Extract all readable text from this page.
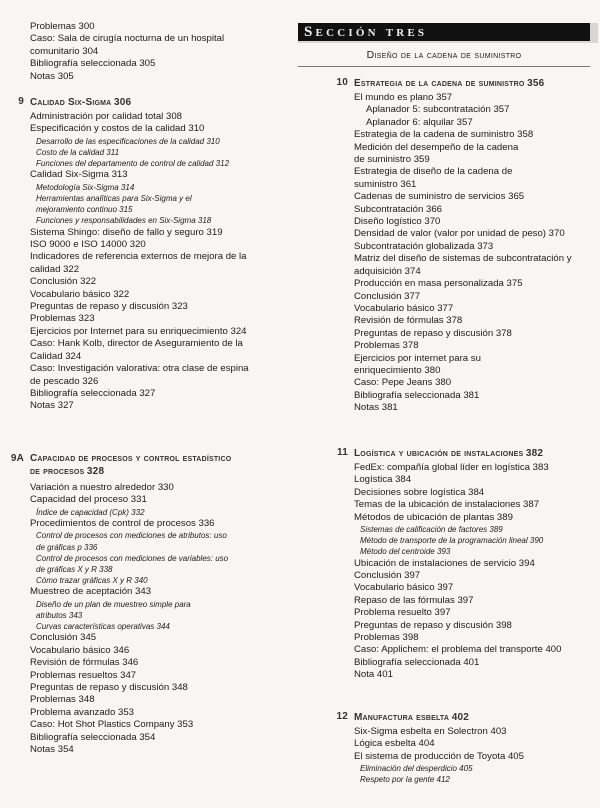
Problemas 300
Caso: Sala de cirugía nocturna de un hospital
comunitario 304
Bibliografía seleccionada 305
Notas 305
9 Calidad Six-Sigma 306
Administración por calidad total 308
Especificación y costos de la calidad 310
Desarrollo de las especificaciones de la calidad 310
Costo de la calidad 311
Funciones del departamento de control de calidad 312
Calidad Six-Sigma 313
Metodología Six-Sigma 314
Herramientas analíticas para Six-Sigma y el
mejoramiento continuo 315
Funciones y responsabilidades en Six-Sigma 318
Sistema Shingo: diseño de fallo y seguro 319
ISO 9000 e ISO 14000 320
Indicadores de referencia externos de mejora de la
calidad 322
Conclusión 322
Vocabulario básico 322
Preguntas de repaso y discusión 323
Problemas 323
Ejercicios por Internet para su enriquecimiento 324
Caso: Hank Kolb, director de Aseguramiento de la
Calidad 324
Caso: Investigación valorativa: otra clase de espina
de pescado 326
Bibliografía seleccionada 327
Notas 327
9A Capacidad de procesos y control estadístico
de procesos 328
Variación a nuestro alrededor 330
Capacidad del proceso 331
Índice de capacidad (Cpk) 332
Procedimientos de control de procesos 336
Control de procesos con mediciones de atributos: uso
de gráficas p 336
Control de procesos con mediciones de variables: uso
de gráficas X y R 338
Cómo trazar gráficas X y R 340
Muestreo de aceptación 343
Diseño de un plan de muestreo simple para
atributos 343
Curvas características operativas 344
Conclusión 345
Vocabulario básico 346
Revisión de fórmulas 346
Problemas resueltos 347
Preguntas de repaso y discusión 348
Problemas 348
Problema avanzado 353
Caso: Hot Shot Plastics Company 353
Bibliografía seleccionada 354
Notas 354
Sección tres
Diseño de la cadena de suministro
10 Estrategia de la cadena de suministro 356
El mundo es plano 357
Aplanador 5: subcontratación 357
Aplanador 6: alquilar 357
Estrategia de la cadena de suministro 358
Medición del desempeño de la cadena
de suministro 359
Estrategia de diseño de la cadena de
suministro 361
Cadenas de suministro de servicios 365
Subcontratación 366
Diseño logístico 370
Densidad de valor (valor por unidad de peso) 370
Subcontratación globalizada 373
Matriz del diseño de sistemas de subcontratación y
adquisición 374
Producción en masa personalizada 375
Conclusión 377
Vocabulario básico 377
Revisión de fórmulas 378
Preguntas de repaso y discusión 378
Problemas 378
Ejercicios por internet para su
enriquecimiento 380
Caso: Pepe Jeans 380
Bibliografía seleccionada 381
Notas 381
11 Logística y ubicación de instalaciones 382
FedEx: compañía global líder en logística 383
Logística 384
Decisiones sobre logística 384
Temas de la ubicación de instalaciones 387
Métodos de ubicación de plantas 389
Sistemas de calificación de factores 389
Método de transporte de la programación lineal 390
Método del centroide 393
Ubicación de instalaciones de servicio 394
Conclusión 397
Vocabulario básico 397
Repaso de las fórmulas 397
Problema resuelto 397
Preguntas de repaso y discusión 398
Problemas 398
Caso: Applichem: el problema del transporte 400
Bibliografía seleccionada 401
Nota 401
12 Manufactura esbelta 402
Six-Sigma esbelta en Solectron 403
Lógica esbelta 404
El sistema de producción de Toyota 405
Eliminación del desperdicio 405
Respeto por la gente 412
